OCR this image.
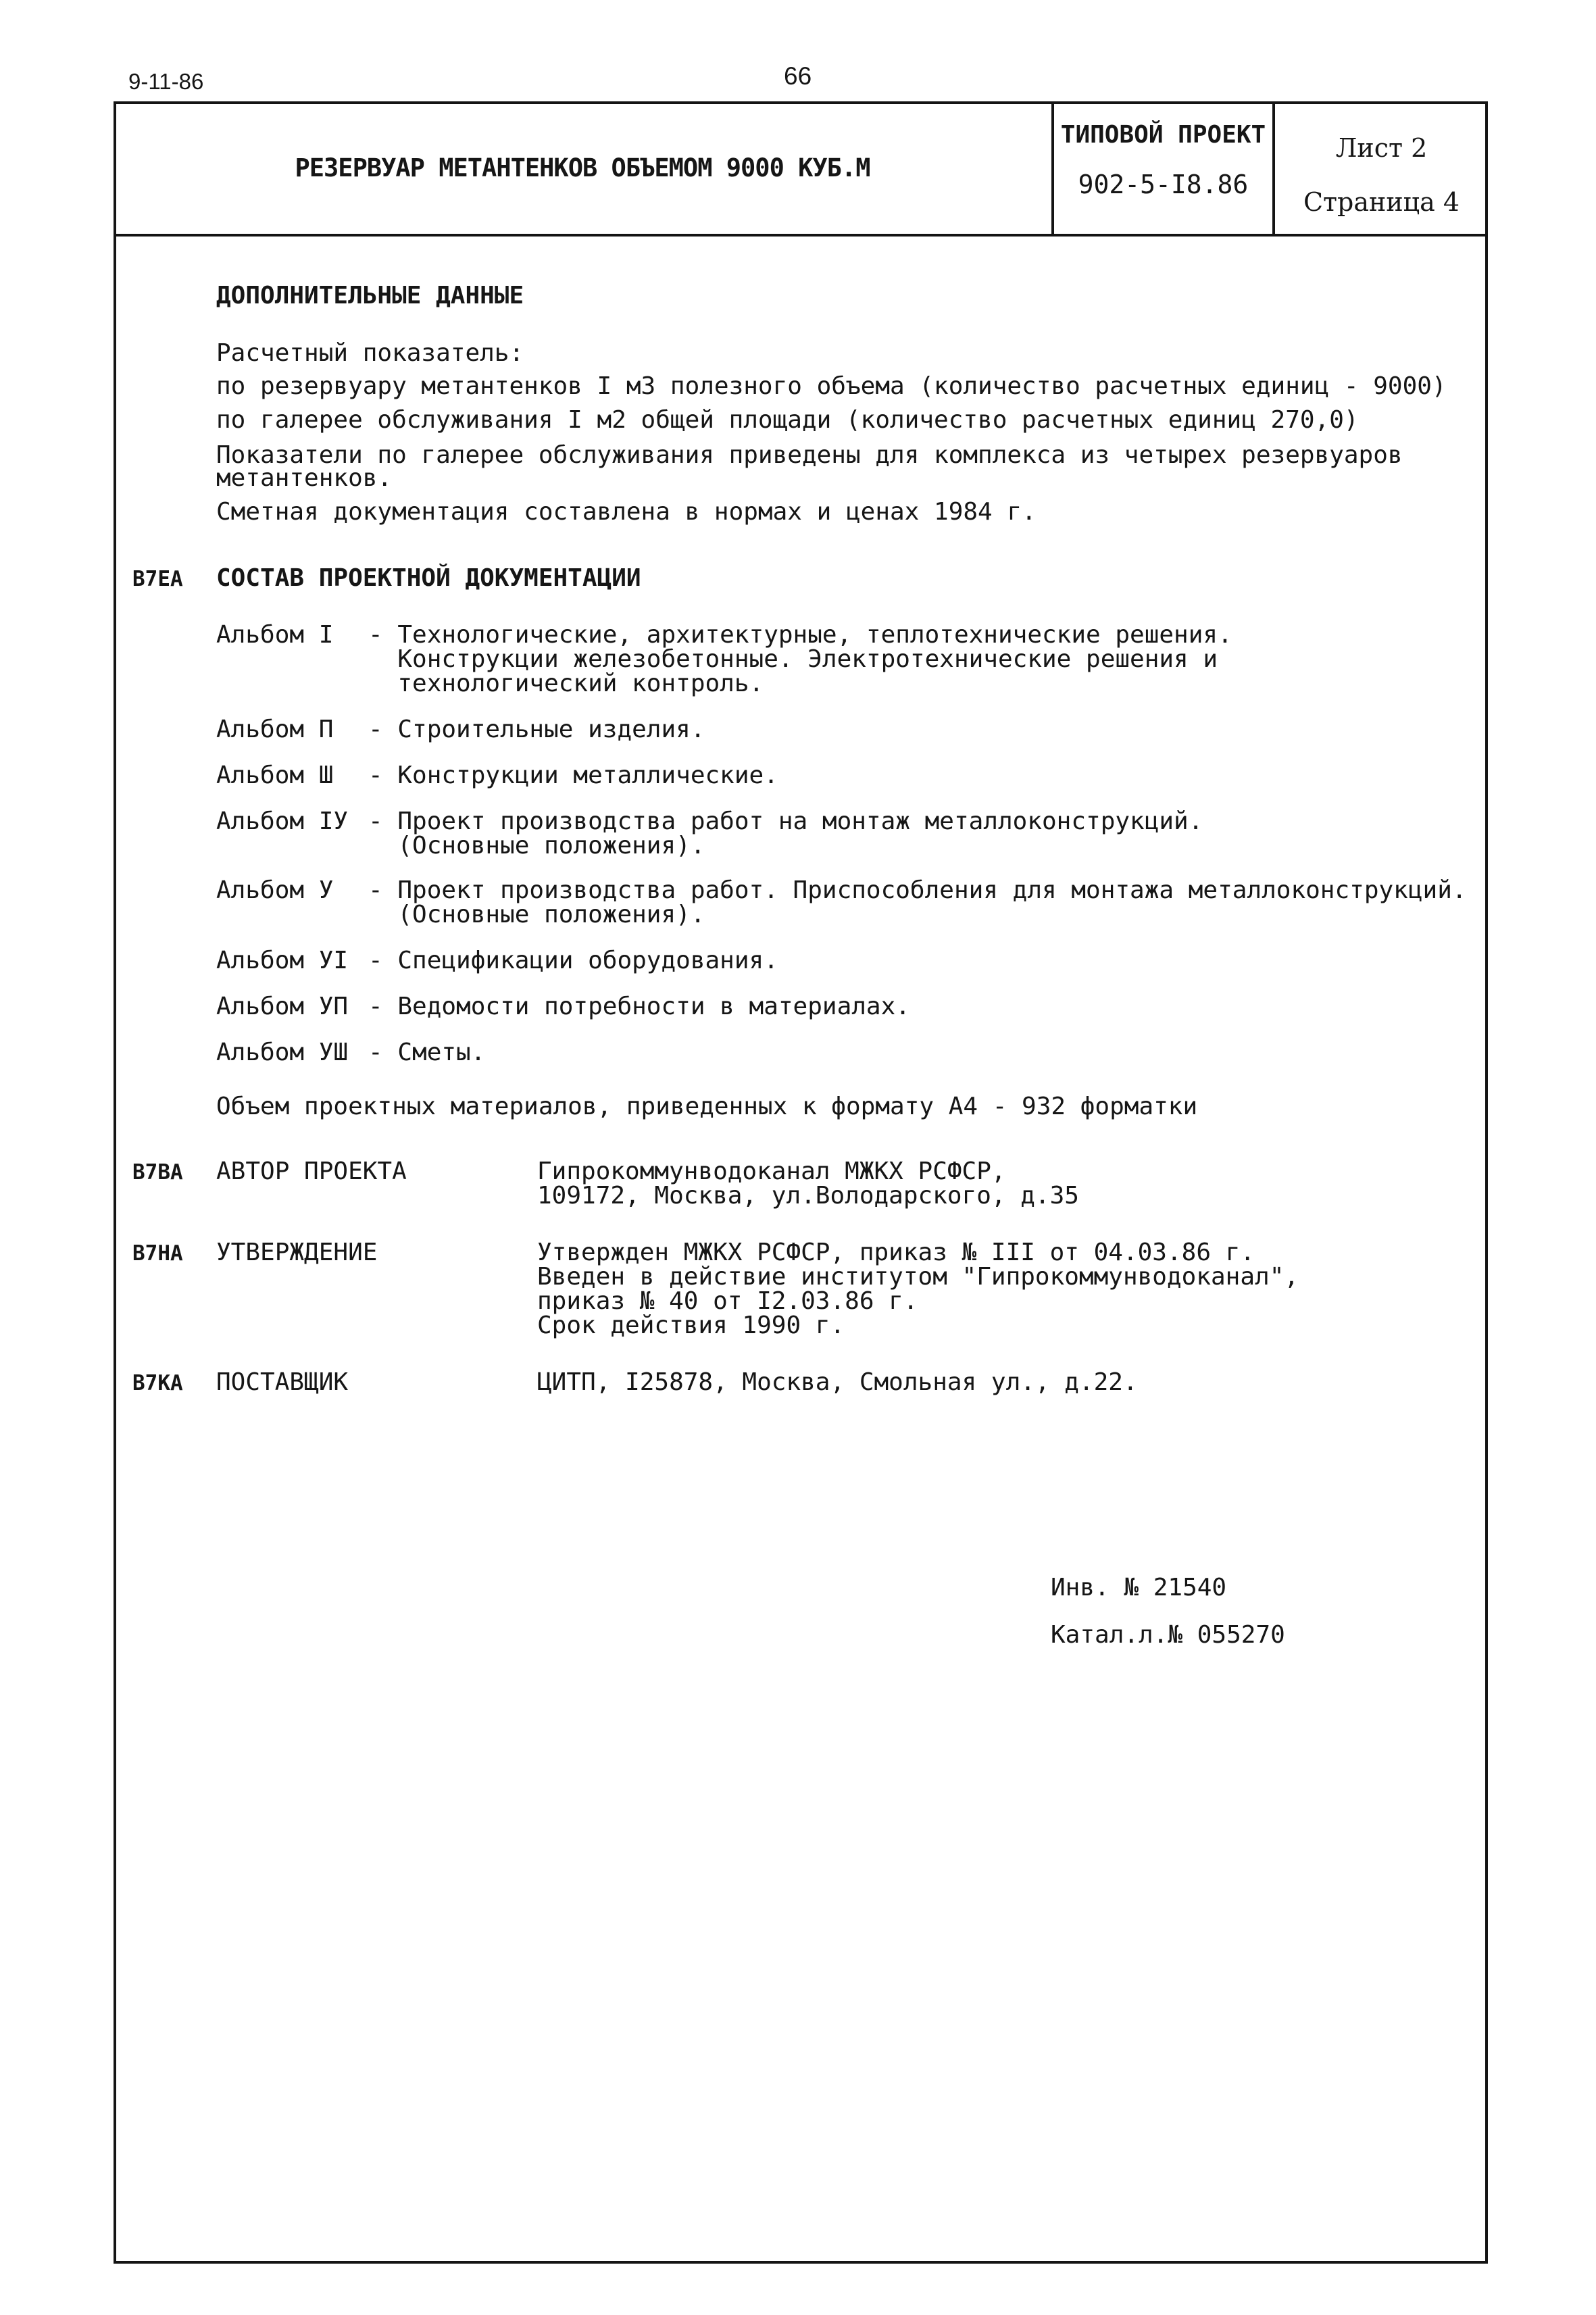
9-11-86	66
РЕЗЕРВУАР МЕТАНТЕНКОВ ОБЪЕМОМ 9000 КУБ.М
ТИПОВОЙ ПРОЕКТ
902-5-I8.86
Лист 2
Страница 4
ДОПОЛНИТЕЛЬНЫЕ ДАННЫЕ
Расчетный показатель:
по резервуару метантенков I м3 полезного объема (количество расчетных единиц - 9000)
по галерее обслуживания I м2 общей площади (количество расчетных единиц 270,0)
Показатели по галерее обслуживания приведены для комплекса из четырех резервуаров
метантенков.
Сметная документация составлена в нормах и ценах 1984 г.
В7ЕА СОСТАВ ПРОЕКТНОЙ ДОКУМЕНТАЦИИ
Альбом I - Технологические, архитектурные, теплотехнические решения.
Конструкции железобетонные. Электротехнические решения и
технологический контроль.
Альбом П - Строительные изделия.
Альбом Ш - Конструкции металлические.
Альбом IУ - Проект производства работ на монтаж металлоконструкций.
(Основные положения).
Альбом У - Проект производства работ. Приспособления для монтажа металлоконструкций.
(Основные положения).
Альбом УI - Спецификации оборудования.
Альбом УП - Ведомости потребности в материалах.
Альбом УШ - Сметы.
Объем проектных материалов, приведенных к формату А4 - 932 форматки
В7ВА АВТОР ПРОЕКТА	Гипрокоммунводоканал МЖКХ РСФСР,
109172, Москва, ул.Володарского, д.35
В7НА УТВЕРЖДЕНИЕ	Утвержден МЖКХ РСФСР, приказ № III от 04.03.86 г.
Введен в действие институтом "Гипрокоммунводоканал",
приказ № 40 от I2.03.86 г.
Срок действия 1990 г.
В7КА ПОСТАВЩИК	ЦИТП, I25878, Москва, Смольная ул., д.22.
Инв. № 21540
Катал.л.№ 055270
